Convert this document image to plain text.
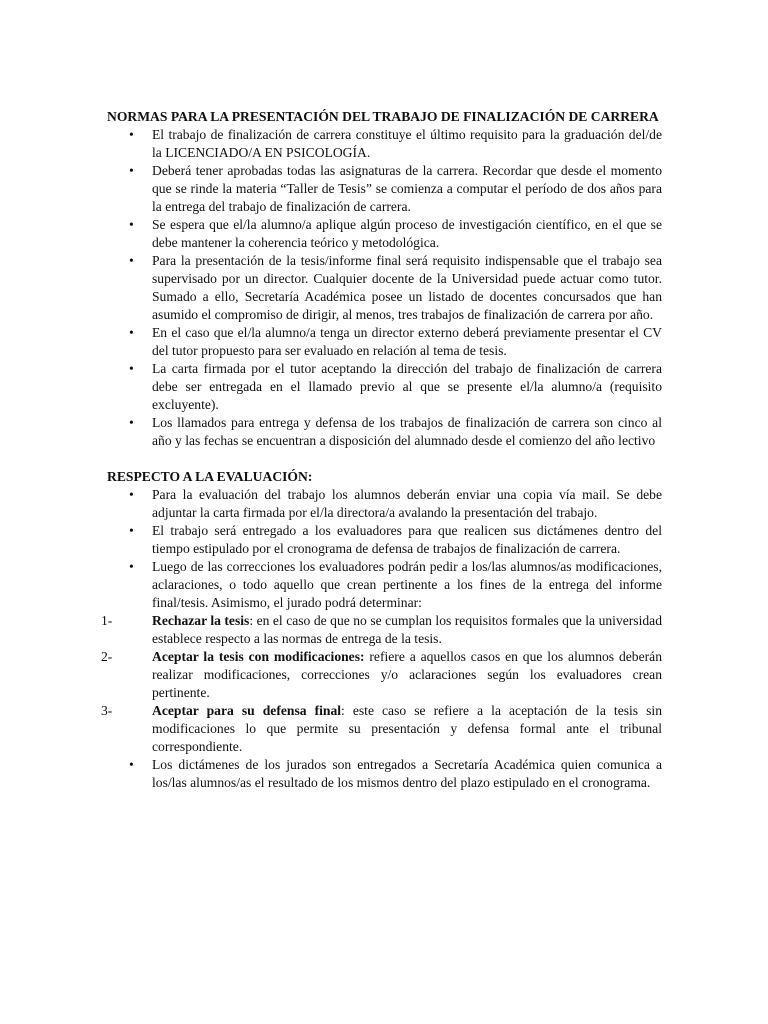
NORMAS PARA LA PRESENTACIÓN DEL TRABAJO DE FINALIZACIÓN DE CARRERA

• El trabajo de finalización de carrera constituye el último requisito para la graduación del/de la LICENCIADO/A EN PSICOLOGÍA.
• Deberá tener aprobadas todas las asignaturas de la carrera. Recordar que desde el momento que se rinde la materia “Taller de Tesis” se comienza a computar el período de dos años para la entrega del trabajo de finalización de carrera.
• Se espera que el/la alumno/a aplique algún proceso de investigación científico, en el que se debe mantener la coherencia teórico y metodológica.
• Para la presentación de la tesis/informe final será requisito indispensable que el trabajo sea supervisado por un director. Cualquier docente de la Universidad puede actuar como tutor. Sumado a ello, Secretaría Académica posee un listado de docentes concursados que han asumido el compromiso de dirigir, al menos, tres trabajos de finalización de carrera por año.
• En el caso que el/la alumno/a tenga un director externo deberá previamente presentar el CV del tutor propuesto para ser evaluado en relación al tema de tesis.
• La carta firmada por el tutor aceptando la dirección del trabajo de finalización de carrera debe ser entregada en el llamado previo al que se presente el/la alumno/a (requisito excluyente).
• Los llamados para entrega y defensa de los trabajos de finalización de carrera son cinco al año y las fechas se encuentran a disposición del alumnado desde el comienzo del año lectivo

RESPECTO A LA EVALUACIÓN:

• Para la evaluación del trabajo los alumnos deberán enviar una copia vía mail. Se debe adjuntar la carta firmada por el/la directora/a avalando la presentación del trabajo.
• El trabajo será entregado a los evaluadores para que realicen sus dictámenes dentro del tiempo estipulado por el cronograma de defensa de trabajos de finalización de carrera.
• Luego de las correcciones los evaluadores podrán pedir a los/las alumnos/as modificaciones, aclaraciones, o todo aquello que crean pertinente a los fines de la entrega del informe final/tesis. Asimismo, el jurado podrá determinar:
1-	Rechazar la tesis: en el caso de que no se cumplan los requisitos formales que la universidad establece respecto a las normas de entrega de la tesis.
2-	Aceptar la tesis con modificaciones: refiere a aquellos casos en que los alumnos deberán realizar modificaciones, correcciones y/o aclaraciones según los evaluadores crean pertinente.
3-	Aceptar para su defensa final: este caso se refiere a la aceptación de la tesis sin modificaciones lo que permite su presentación y defensa formal ante el tribunal correspondiente.
• Los dictámenes de los jurados son entregados a Secretaría Académica quien comunica a los/las alumnos/as el resultado de los mismos dentro del plazo estipulado en el cronograma.
